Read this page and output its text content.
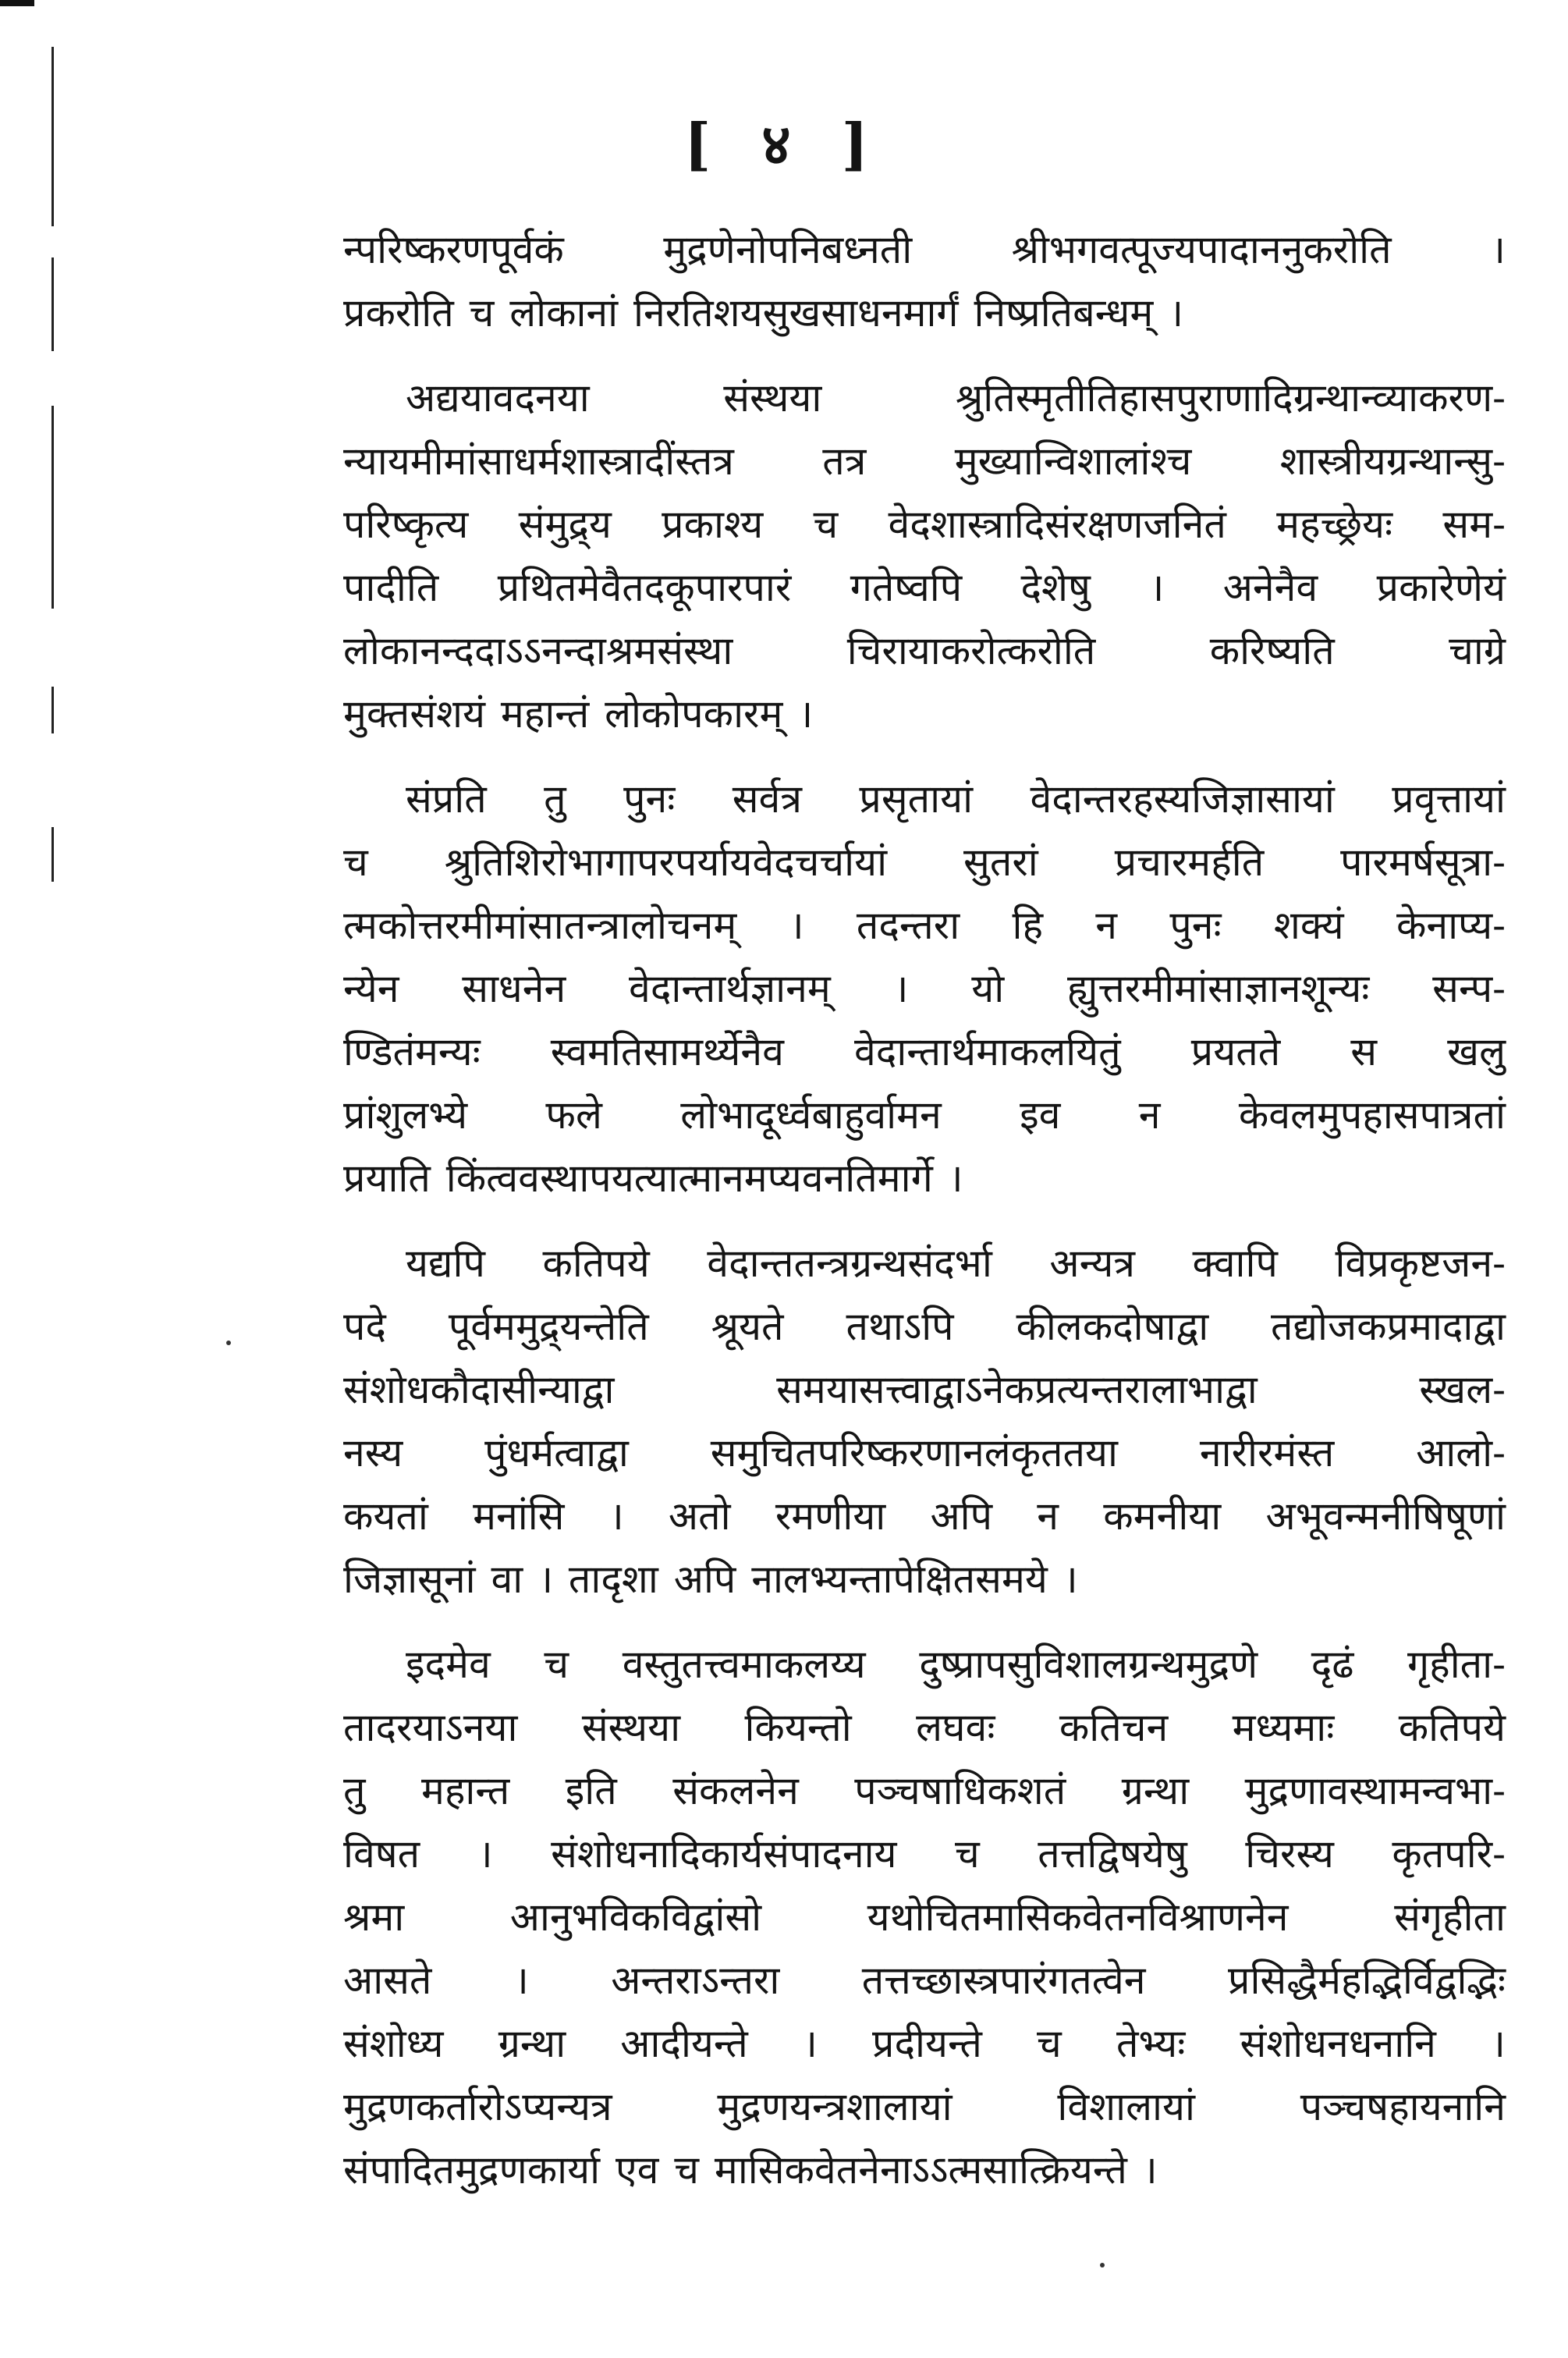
[ ४ ]
न्परिष्करणपूर्वकं मुद्रणेनोपनिबध्नती श्रीभगवत्पूज्यपादाननुकरोति ।
प्रकरोति च लोकानां निरतिशयसुखसाधनमार्गं निष्प्रतिबन्धम् ।
अद्ययावदनया संस्थया श्रुतिस्मृतीतिहासपुराणादिग्रन्थान्व्याकरण-
न्यायमीमांसाधर्मशास्त्रादींस्तत्र तत्र मुख्यान्विशालांश्च शास्त्रीयग्रन्थान्सु-
परिष्कृत्य संमुद्र्य प्रकाश्य च वेदशास्त्रादिसंरक्षणजनितं महच्छ्रेयः सम-
पादीति प्रथितमेवैतदकूपारपारं गतेष्वपि देशेषु । अनेनैव प्रकारेणेयं
लोकानन्ददाऽऽनन्दाश्रमसंस्था चिरायाकरोत्करोति करिष्यति चाग्रे
मुक्तसंशयं महान्तं लोकोपकारम् ।
संप्रति तु पुनः सर्वत्र प्रसृतायां वेदान्तरहस्यजिज्ञासायां प्रवृत्तायां
च श्रुतिशिरोभागापरपर्यायवेदचर्चायां सुतरां प्रचारमर्हति पारमर्षसूत्रा-
त्मकोत्तरमीमांसातन्त्रालोचनम् । तदन्तरा हि न पुनः शक्यं केनाप्य-
न्येन साधनेन वेदान्तार्थज्ञानम् । यो ह्युत्तरमीमांसाज्ञानशून्यः सन्प-
ण्डितंमन्यः स्वमतिसामर्थ्येनैव वेदान्तार्थमाकलयितुं प्रयतते स खलु
प्रांशुलभ्ये फले लोभादूर्ध्वबाहुर्वामन इव न केवलमुपहासपात्रतां
प्रयाति किंत्ववस्थापयत्यात्मानमप्यवनतिमार्गे ।
यद्यपि कतिपये वेदान्ततन्त्रग्रन्थसंदर्भा अन्यत्र क्वापि विप्रकृष्टजन-
पदे पूर्वममुद्र्यन्तेति श्रूयते तथाऽपि कीलकदोषाद्वा तद्योजकप्रमादाद्वा
संशोधकौदासीन्याद्वा समयासत्त्वाद्वाऽनेकप्रत्यन्तरालाभाद्वा स्खल-
नस्य पुंधर्मत्वाद्वा समुचितपरिष्करणानलंकृततया नारीरमंस्त आलो-
कयतां मनांसि । अतो रमणीया अपि न कमनीया अभूवन्मनीषिषूणां
जिज्ञासूनां वा । तादृशा अपि नालभ्यन्तापेक्षितसमये ।
इदमेव च वस्तुतत्त्वमाकलय्य दुष्प्रापसुविशालग्रन्थमुद्रणे दृढं गृहीता-
तादरयाऽनया संस्थया कियन्तो लघवः कतिचन मध्यमाः कतिपये
तु महान्त इति संकलनेन पञ्चषाधिकशतं ग्रन्था मुद्रणावस्थामन्वभा-
विषत । संशोधनादिकार्यसंपादनाय च तत्तद्विषयेषु चिरस्य कृतपरि-
श्रमा आनुभविकविद्वांसो यथोचितमासिकवेतनविश्राणनेन संगृहीता
आसते । अन्तराऽन्तरा तत्तच्छास्त्रपारंगतत्वेन प्रसिद्धैर्महद्भिर्विद्वद्भिः
संशोध्य ग्रन्था आदीयन्ते । प्रदीयन्ते च तेभ्यः संशोधनधनानि ।
मुद्रणकर्तारोऽप्यन्यत्र मुद्रणयन्त्रशालायां विशालायां पञ्चषहायनानि
संपादितमुद्रणकार्या एव च मासिकवेतनेनाऽऽत्मसात्क्रियन्ते ।
